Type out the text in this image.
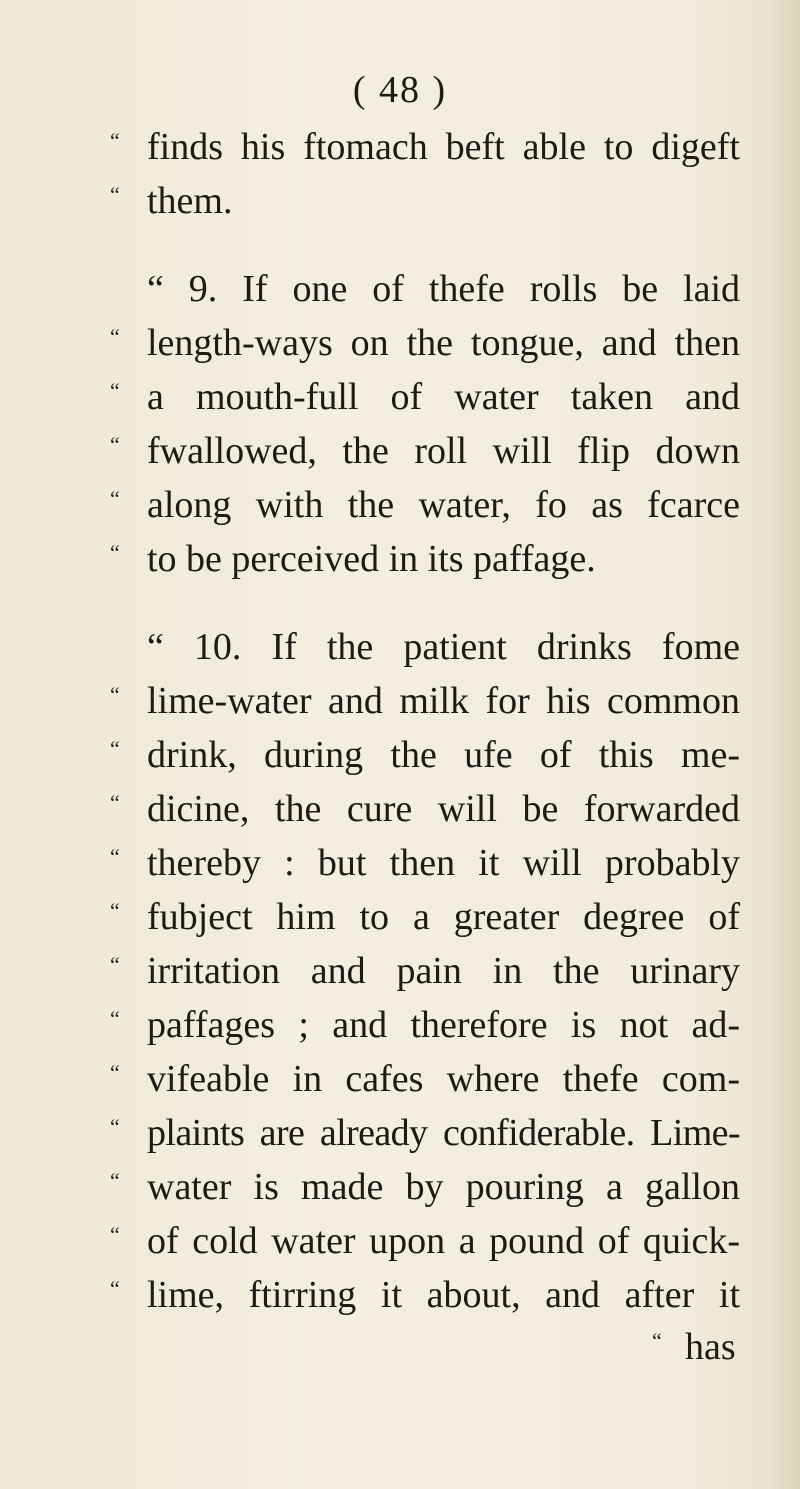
( 48 )
“ finds his ftomach beft able to digeft
“ them.
“ 9. If one of thefe rolls be laid
“ length-ways on the tongue, and then
“ a mouth-full of water taken and
“ fwallowed, the roll will flip down
“ along with the water, fo as fcarce
“ to be perceived in its paffage.
“ 10. If the patient drinks fome
“ lime-water and milk for his common
“ drink, during the ufe of this me-
“ dicine, the cure will be forwarded
“ thereby : but then it will probably
“ fubject him to a greater degree of
“ irritation and pain in the urinary
“ paffages ; and therefore is not ad-
“ vifeable in cafes where thefe com-
“ plaints are already confiderable. Lime-
“ water is made by pouring a gallon
“ of cold water upon a pound of quick-
“ lime, ftirring it about, and after it
“ has
